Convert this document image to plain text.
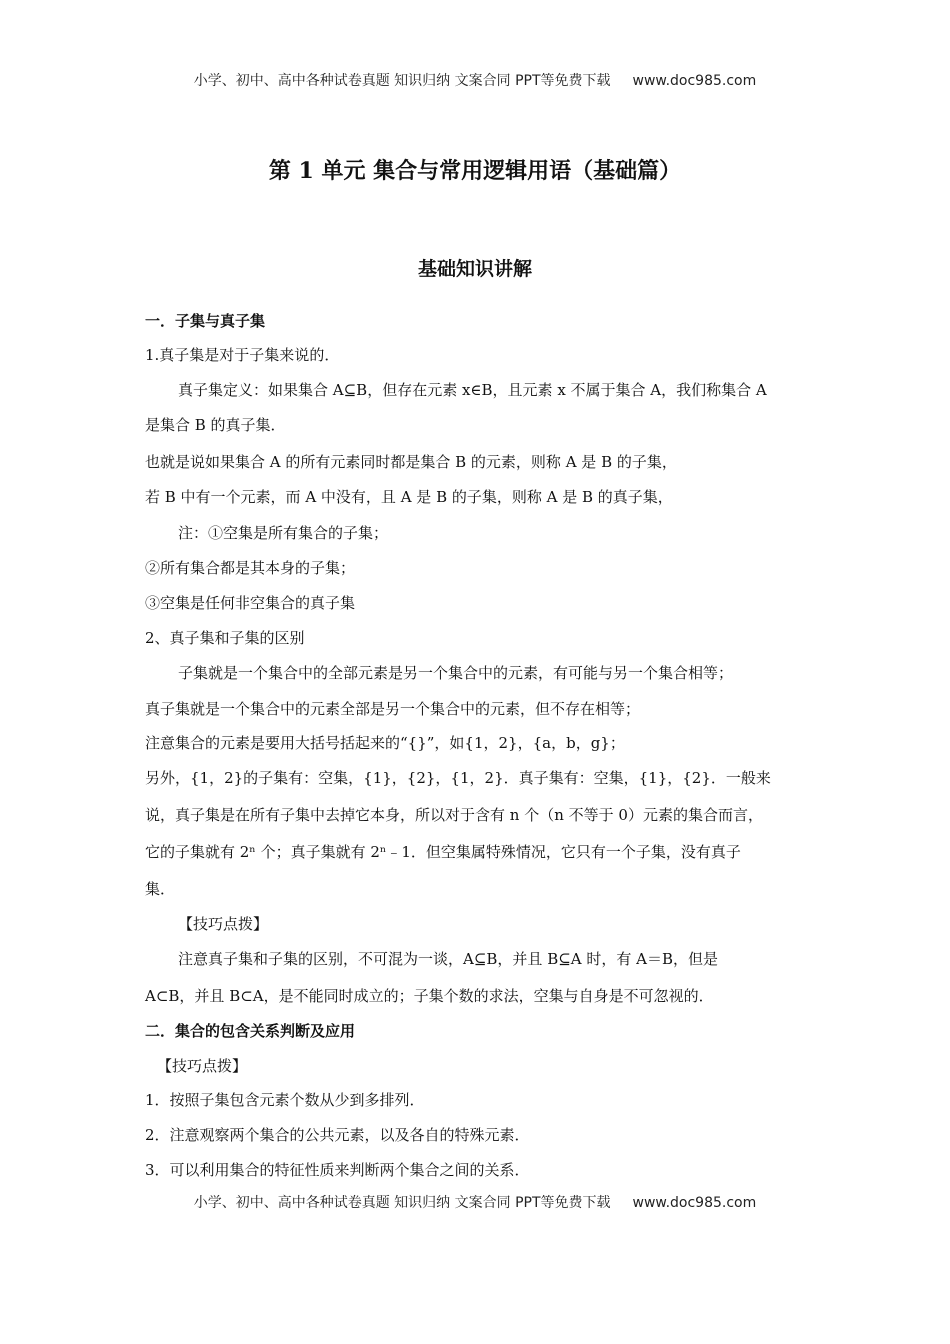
小学、初中、高中各种试卷真题 知识归纳 文案合同 PPT等免费下载 www.doc985.com
第 1 单元 集合与常用逻辑用语（基础篇）
基础知识讲解
一．子集与真子集
1.真子集是对于子集来说的．
真子集定义：如果集合 A⊆B，但存在元素 x∈B，且元素 x 不属于集合 A，我们称集合 A
是集合 B 的真子集．
也就是说如果集合 A 的所有元素同时都是集合 B 的元素，则称 A 是 B 的子集，
若 B 中有一个元素，而 A 中没有，且 A 是 B 的子集，则称 A 是 B 的真子集，
注：①空集是所有集合的子集；
②所有集合都是其本身的子集；
③空集是任何非空集合的真子集
2、真子集和子集的区别
子集就是一个集合中的全部元素是另一个集合中的元素，有可能与另一个集合相等；
真子集就是一个集合中的元素全部是另一个集合中的元素，但不存在相等；
注意集合的元素是要用大括号括起来的“{}”，如{1，2}，{a，b，g}；
另外，{1，2}的子集有：空集，{1}，{2}，{1，2}．真子集有：空集，{1}，{2}．一般来
说，真子集是在所有子集中去掉它本身，所以对于含有 n 个（n 不等于 0）元素的集合而言，
它的子集就有 2ⁿ 个；真子集就有 2ⁿ﹣1．但空集属特殊情况，它只有一个子集，没有真子
集．
【技巧点拨】
注意真子集和子集的区别，不可混为一谈，A⊆B，并且 B⊆A 时，有 A＝B，但是
A⊂B，并且 B⊂A，是不能同时成立的；子集个数的求法，空集与自身是不可忽视的．
二．集合的包含关系判断及应用
【技巧点拨】
1．按照子集包含元素个数从少到多排列．
2．注意观察两个集合的公共元素，以及各自的特殊元素．
3．可以利用集合的特征性质来判断两个集合之间的关系．
小学、初中、高中各种试卷真题 知识归纳 文案合同 PPT等免费下载 www.doc985.com
